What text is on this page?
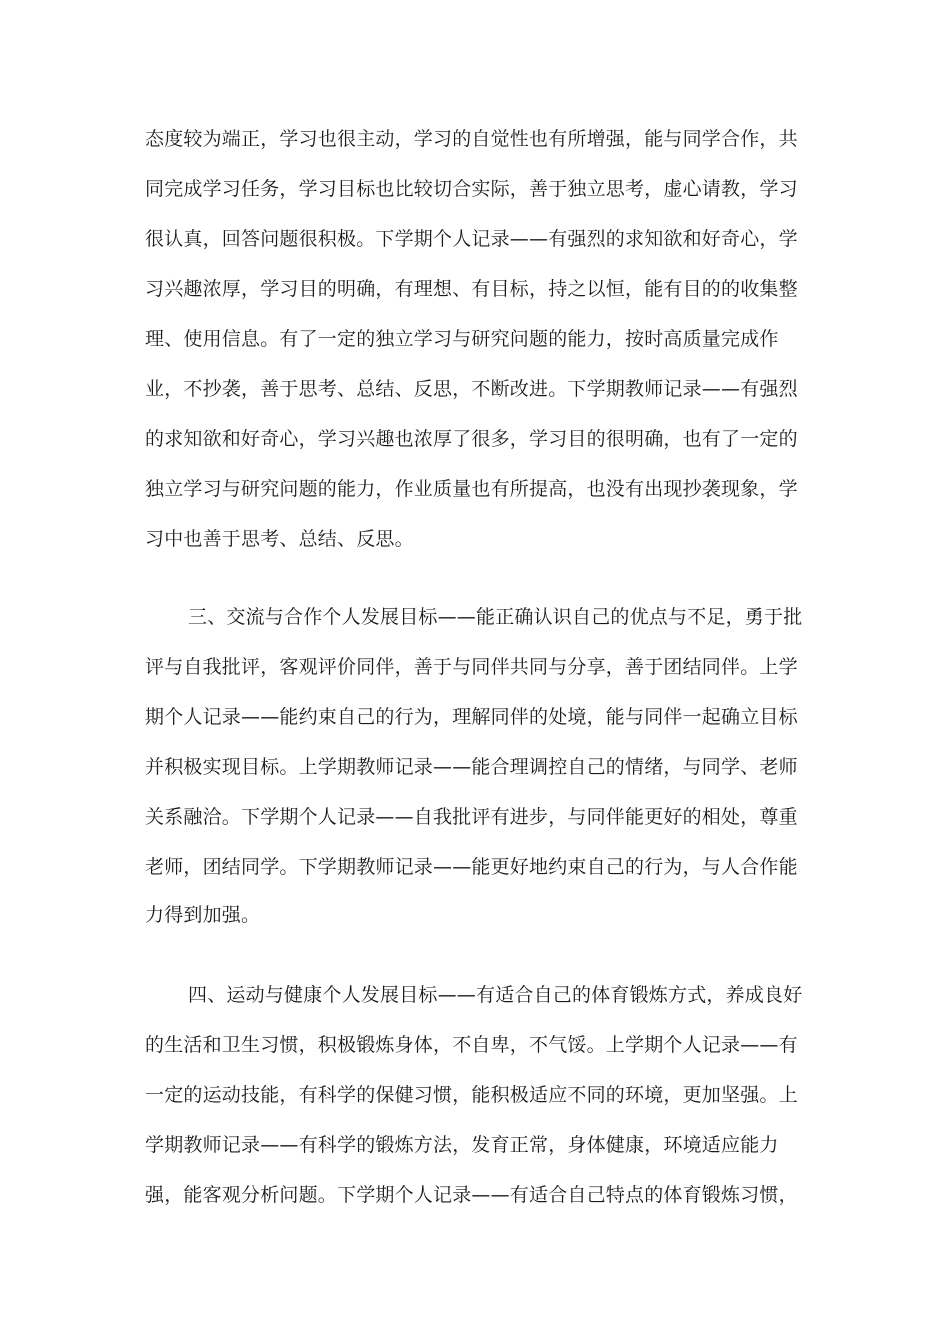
态度较为端正，学习也很主动，学习的自觉性也有所增强，能与同学合作，共
同完成学习任务，学习目标也比较切合实际，善于独立思考，虚心请教，学习
很认真，回答问题很积极。下学期个人记录——有强烈的求知欲和好奇心，学
习兴趣浓厚，学习目的明确，有理想、有目标，持之以恒，能有目的的收集整
理、使用信息。有了一定的独立学习与研究问题的能力，按时高质量完成作
业，不抄袭，善于思考、总结、反思，不断改进。下学期教师记录——有强烈
的求知欲和好奇心，学习兴趣也浓厚了很多，学习目的很明确，也有了一定的
独立学习与研究问题的能力，作业质量也有所提高，也没有出现抄袭现象，学
习中也善于思考、总结、反思。
三、交流与合作个人发展目标——能正确认识自己的优点与不足，勇于批
评与自我批评，客观评价同伴，善于与同伴共同与分享，善于团结同伴。上学
期个人记录——能约束自己的行为，理解同伴的处境，能与同伴一起确立目标
并积极实现目标。上学期教师记录——能合理调控自己的情绪，与同学、老师
关系融洽。下学期个人记录——自我批评有进步，与同伴能更好的相处，尊重
老师，团结同学。下学期教师记录——能更好地约束自己的行为，与人合作能
力得到加强。
四、运动与健康个人发展目标——有适合自己的体育锻炼方式，养成良好
的生活和卫生习惯，积极锻炼身体，不自卑，不气馁。上学期个人记录——有
一定的运动技能，有科学的保健习惯，能积极适应不同的环境，更加坚强。上
学期教师记录——有科学的锻炼方法，发育正常，身体健康，环境适应能力
强，能客观分析问题。下学期个人记录——有适合自己特点的体育锻炼习惯，
